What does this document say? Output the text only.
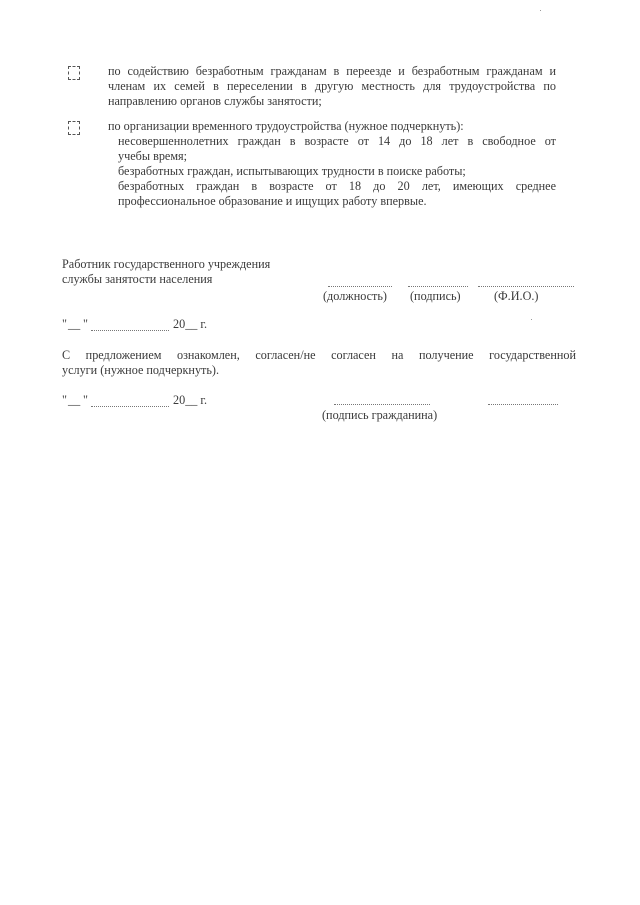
по содействию безработным гражданам в переезде и безработным гражданам и
членам их семей в переселении в другую местность для трудоустройства по
направлению органов службы занятости;
по организации временного трудоустройства (нужное подчеркнуть):
несовершеннолетних граждан в возрасте от 14 до 18 лет в свободное от
учебы время;
безработных граждан, испытывающих трудности в поиске работы;
безработных граждан в возрасте от 18 до 20 лет, имеющих среднее
профессиональное образование и ищущих работу впервые.
Работник государственного учреждения
службы занятости населения
(должность) (подпись)	(Ф.И.О.)
" __ "	20__ г.
С предложением ознакомлен, согласен/не согласен на получение государственной
услуги (нужное подчеркнуть).
" __ "	20__ г.
(подпись гражданина)
